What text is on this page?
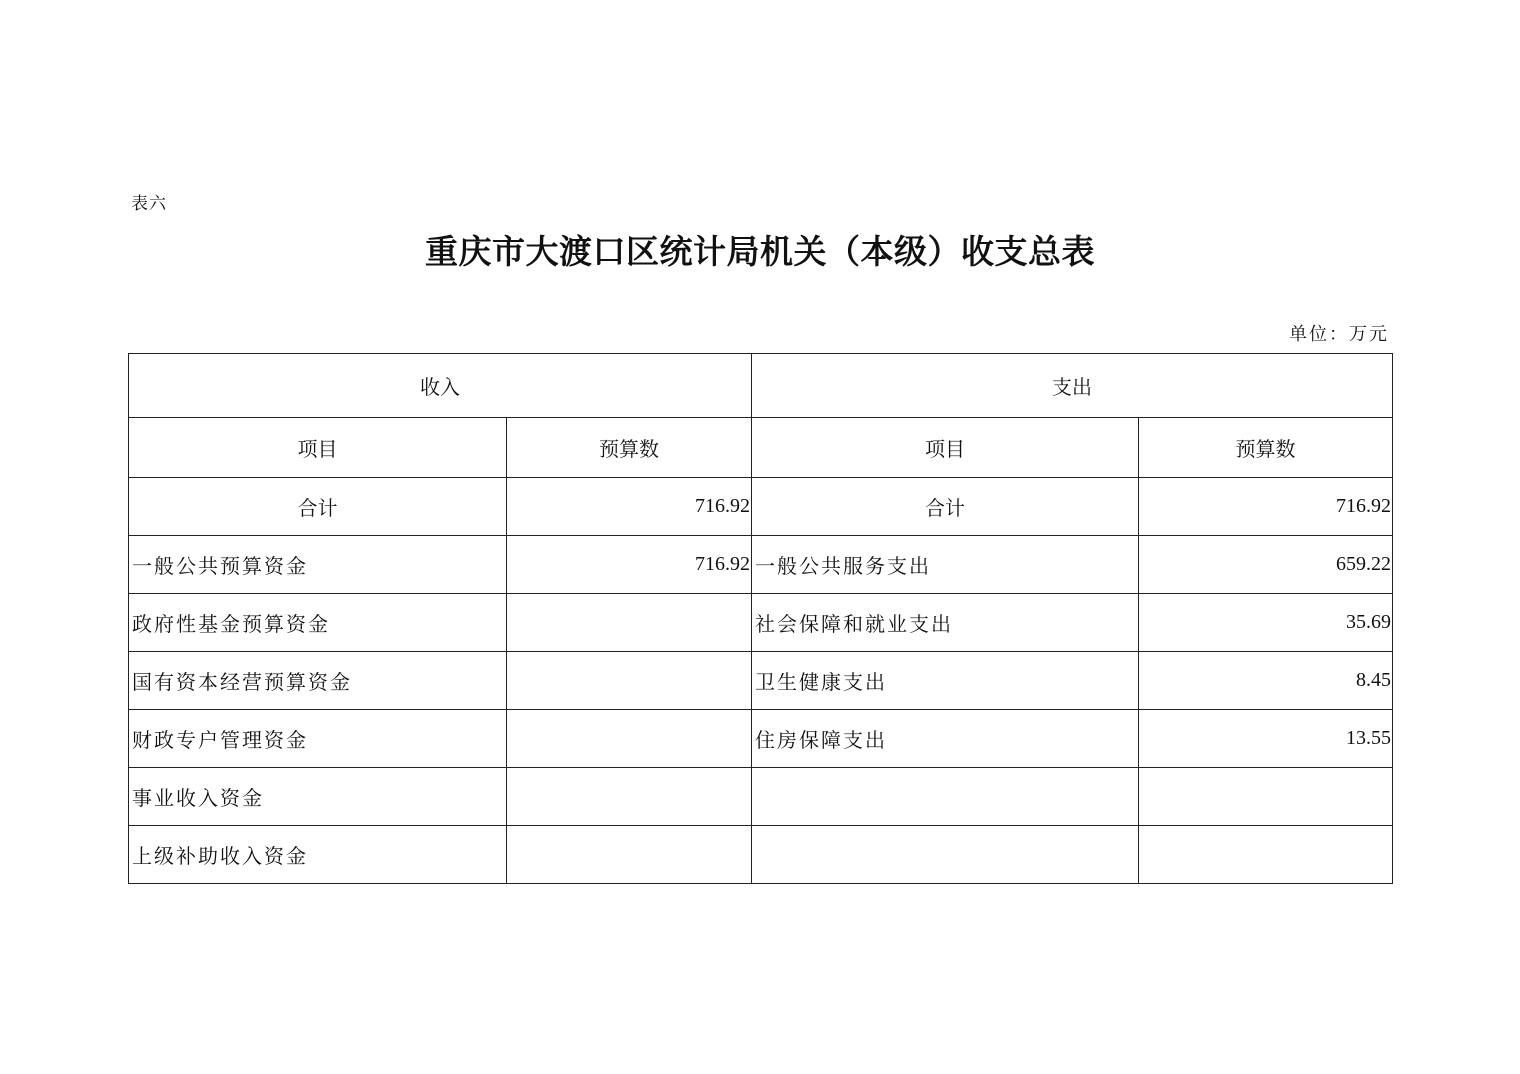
表六
重庆市大渡口区统计局机关（本级）收支总表
单位：万元
收入		支出	
项目	预算数	项目	预算数
合计	716.92	合计	716.92
一般公共预算资金	716.92	一般公共服务支出	659.22
政府性基金预算资金		社会保障和就业支出	35.69
国有资本经营预算资金		卫生健康支出	8.45
财政专户管理资金		住房保障支出	13.55
事业收入资金			
上级补助收入资金			
